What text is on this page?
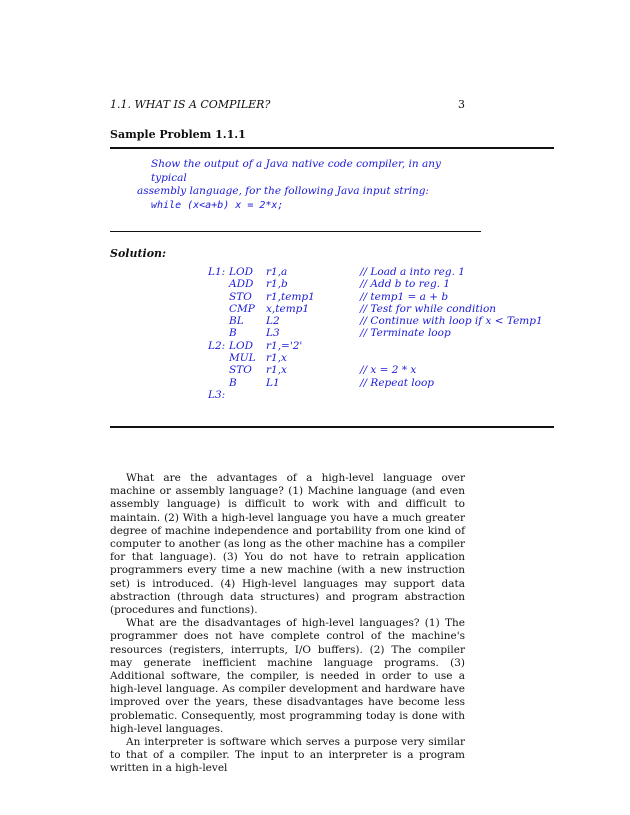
1.1. WHAT IS A COMPILER?	3
Sample Problem 1.1.1
Show the output of a Java native code compiler, in any typical
assembly language, for the following Java input string:
while (x<a+b) x = 2*x;
Solution:
L1: LOD r1,a	// Load a into reg. 1
ADD r1,b	// Add b to reg. 1
STO r1,temp1	// temp1 = a + b
CMP x,temp1	// Test for while condition
BL L2	// Continue with loop if x < Temp1
B	L3	// Terminate loop
L2: LOD r1,='2'
MUL r1,x
STO r1,x	// x = 2 * x
B	L1	// Repeat loop
L3:

What are the advantages of a high-level language over machine or assembly language? (1) Machine language (and even assembly language) is difficult to work with and difficult to maintain. (2) With a high-level language you have a much greater degree of machine independence and portability from one kind of computer to another (as long as the other machine has a compiler for that language). (3) You do not have to retrain application programmers every time a new machine (with a new instruction set) is introduced. (4) High-level languages may support data abstraction (through data structures) and program abstraction (procedures and functions).

What are the disadvantages of high-level languages? (1) The programmer does not have complete control of the machine's resources (registers, interrupts, I/O buffers). (2) The compiler may generate inefficient machine language programs. (3) Additional software, the compiler, is needed in order to use a high-level language. As compiler development and hardware have improved over the years, these disadvantages have become less problematic. Consequently, most programming today is done with high-level languages.

An interpreter is software which serves a purpose very similar to that of a compiler. The input to an interpreter is a program written in a high-level
